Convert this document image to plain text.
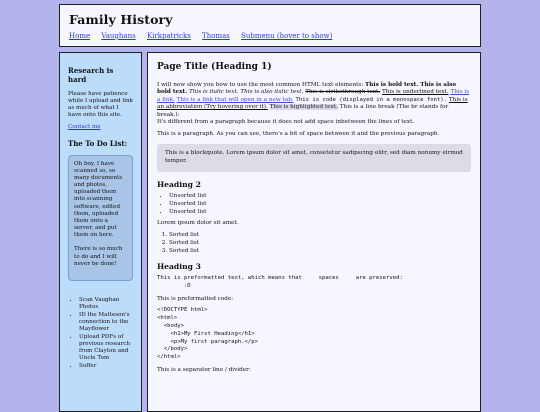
Family History
Home Vaughans Kirkpatricks Thomas Submenu (hover to show)
Research is hard

Please have patience while I upload and link as much of what I have onto this site.

Contact me

The To Do List:

Oh boy, I have scanned so, so many documents and photos, uploaded them into scanning software, edited them, uploaded them onto a server, and put them on here.

There is so much to do and I will never be done!

• Scan Vaughan Photos
• ID the Matteson's connection to the Mayflower
• Upload PDFs of previous research from Clayton and Uncle Tom
• Suffer
Page Title (Heading 1)

I will now show you how to use the most common HTML text elements: This is bold text. This is also bold text. This is italic text. This is also italic text. This is strikethrough text. This is underlined text. This is a link. This is a link that will open in a new tab. This is code (displayed in a monospace font). This is an abbreviation (Try hovering over it). This is highlighted text. This is a line break (The br stands for break.):
It's different from a paragraph because it does not add space inbetween the lines of text.

This is a paragraph. As you can see, there's a bit of space between it and the previous paragraph.

This is a blockquote. Lorem ipsum dolor sit amet, consetetur sadipscing elitr, sed diam nonumy eirmod tempor.
Heading 2
• Unsorted list
• Unsorted list
• Unsorted list

Lorem ipsum dolor sit amet.

1. Sorted list
2. Sorted list
3. Sorted list
Heading 3
This is preformatted text, which means that     spaces     are preserved:
:D

This is preformatted code:

<!DOCTYPE html>
<html>
<body>
<h1>My First Heading</h1>
<p>My first paragraph.</p>
</body>
</html>

This is a separator line / divider:
